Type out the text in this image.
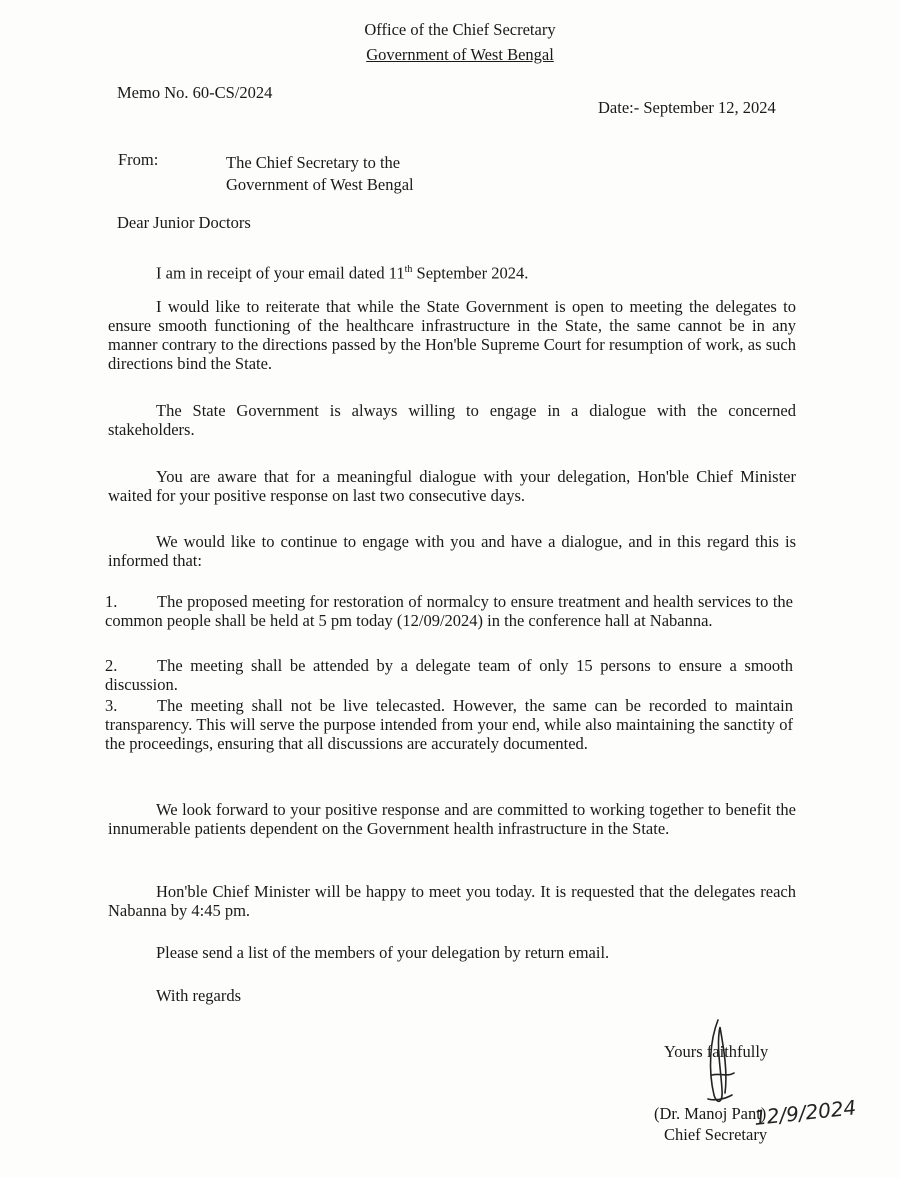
Office of the Chief Secretary
Government of West Bengal
Memo No. 60-CS/2024
Date:- September 12, 2024
From:	The Chief Secretary to the
Government of West Bengal
Dear Junior Doctors
I am in receipt of your email dated 11th September 2024.
I would like to reiterate that while the State Government is open to meeting the delegates to ensure smooth functioning of the healthcare infrastructure in the State, the same cannot be in any manner contrary to the directions passed by the Hon'ble Supreme Court for resumption of work, as such directions bind the State.
The State Government is always willing to engage in a dialogue with the concerned stakeholders.
You are aware that for a meaningful dialogue with your delegation, Hon'ble Chief Minister waited for your positive response on last two consecutive days.
We would like to continue to engage with you and have a dialogue, and in this regard this is informed that:
1. The proposed meeting for restoration of normalcy to ensure treatment and health services to the common people shall be held at 5 pm today (12/09/2024) in the conference hall at Nabanna.
2. The meeting shall be attended by a delegate team of only 15 persons to ensure a smooth discussion.
3. The meeting shall not be live telecasted. However, the same can be recorded to maintain transparency. This will serve the purpose intended from your end, while also maintaining the sanctity of the proceedings, ensuring that all discussions are accurately documented.
We look forward to your positive response and are committed to working together to benefit the innumerable patients dependent on the Government health infrastructure in the State.
Hon'ble Chief Minister will be happy to meet you today. It is requested that the delegates reach Nabanna by 4:45 pm.
Please send a list of the members of your delegation by return email.
With regards
Yours faithfully
12/9/2024
(Dr. Manoj Pant)
Chief Secretary
